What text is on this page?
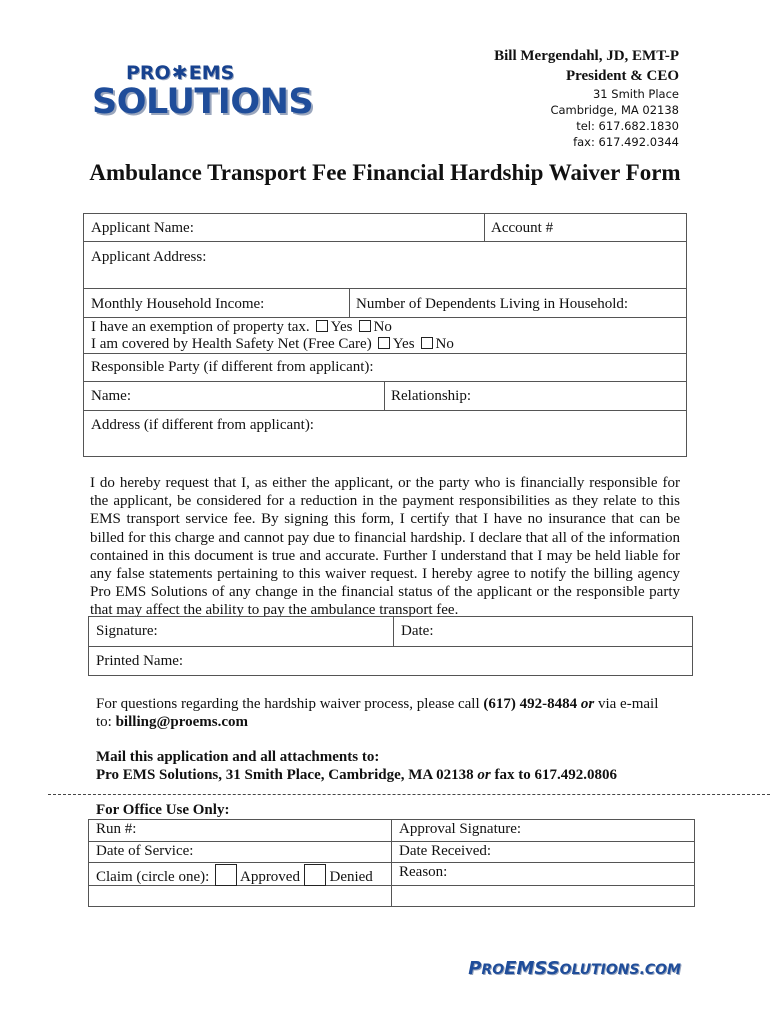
PRO✱EMS
SOLUTIONS
Bill Mergendahl, JD, EMT-P
President & CEO
31 Smith Place
Cambridge, MA 02138
tel: 617.682.1830
fax: 617.492.0344
Ambulance Transport Fee Financial Hardship Waiver Form
Applicant Name:	Account #
Applicant Address:
Monthly Household Income:	Number of Dependents Living in Household:
I have an exemption of property tax. Yes No
I am covered by Health Safety Net (Free Care) Yes No
Responsible Party (if different from applicant):
Name:	Relationship:
Address (if different from applicant):
I do hereby request that I, as either the applicant, or the party who is financially responsible for the applicant, be considered for a reduction in the payment responsibilities as they relate to this EMS transport service fee. By signing this form, I certify that I have no insurance that can be billed for this charge and cannot pay due to financial hardship. I declare that all of the information contained in this document is true and accurate. Further I understand that I may be held liable for any false statements pertaining to this waiver request. I hereby agree to notify the billing agency Pro EMS Solutions of any change in the financial status of the applicant or the responsible party that may affect the ability to pay the ambulance transport fee.
Signature:	Date:
Printed Name:
For questions regarding the hardship waiver process, please call (617) 492-8484 or via e-mail
to: billing@proems.com
Mail this application and all attachments to:
Pro EMS Solutions, 31 Smith Place, Cambridge, MA 02138 or fax to 617.492.0806
For Office Use Only:
Run #:	Approval Signature:
Date of Service:	Date Received:
Claim (circle one): Approved Denied Reason:
PROEMSSOLUTIONS.COM
